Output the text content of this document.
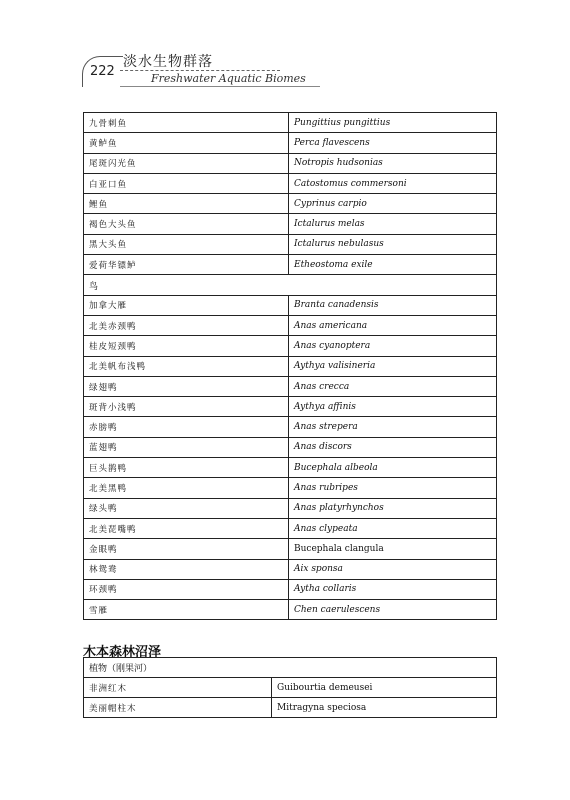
222
淡水生物群落
Freshwater Aquatic Biomes
九骨刺鱼	Pungittius pungittius
黄鲈鱼	Perca flavescens
尾斑闪光鱼	Notropis hudsonias
白亚口鱼	Catostomus commersoni
鲤鱼	Cyprinus carpio
褐色大头鱼	Ictalurus melas
黑大头鱼	Ictalurus nebulasus
爱荷华镖鲈	Etheostoma exile
鸟	
加拿大雁	Branta canadensis
北美赤颈鸭	Anas americana
桂皮短颈鸭	Anas cyanoptera
北美帆布浅鸭	Aythya valisineria
绿翅鸭	Anas crecca
斑背小浅鸭	Aythya affinis
赤膀鸭	Anas strepera
蓝翅鸭	Anas discors
巨头鹊鸭	Bucephala albeola
北美黑鸭	Anas rubripes
绿头鸭	Anas platyrhynchos
北美琵嘴鸭	Anas clypeata
金眼鸭	Bucephala clangula
林鸳鸯	Aix sponsa
环颈鸭	Aytha collaris
雪雁	Chen caerulescens
木本森林沼泽
植物（刚果河）	
非洲红木	Guibourtia demeusei
美丽帽柱木	Mitragyna speciosa
